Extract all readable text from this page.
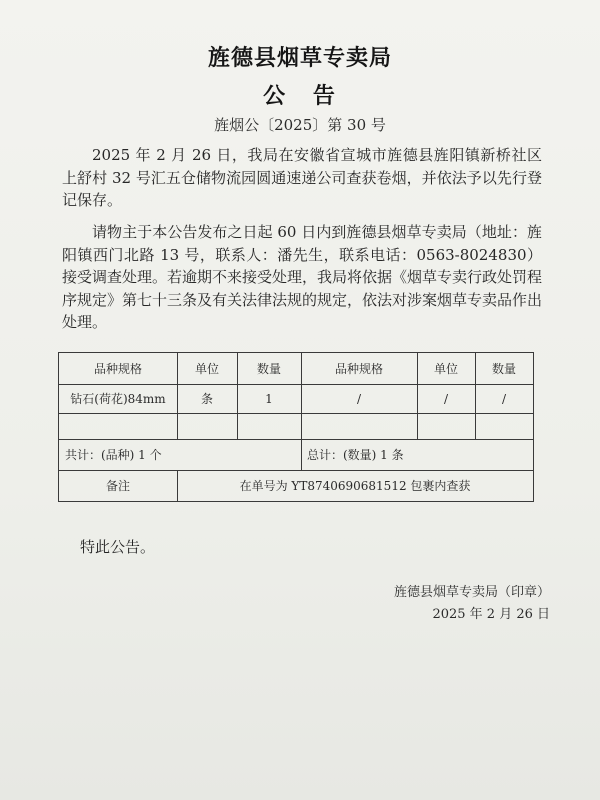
旌德县烟草专卖局
公 告
旌烟公〔2025〕第 30 号
2025 年 2 月 26 日，我局在安徽省宣城市旌德县旌阳镇新桥社区上舒村 32 号汇五仓储物流园圆通速递公司查获卷烟，并依法予以先行登记保存。
请物主于本公告发布之日起 60 日内到旌德县烟草专卖局（地址：旌阳镇西门北路 13 号，联系人：潘先生，联系电话：0563-8024830）接受调查处理。若逾期不来接受处理，我局将依据《烟草专卖行政处罚程序规定》第七十三条及有关法律法规的规定，依法对涉案烟草专卖品作出处理。
品种规格	单位	数量	品种规格	单位	数量
钻石(荷花)84mm	条	1	/	/	/
共计：(品种) 1 个	总计：(数量) 1 条
备注	在单号为 YT8740690681512 包裹内查获
特此公告。
旌德县烟草专卖局（印章）
2025 年 2 月 26 日
